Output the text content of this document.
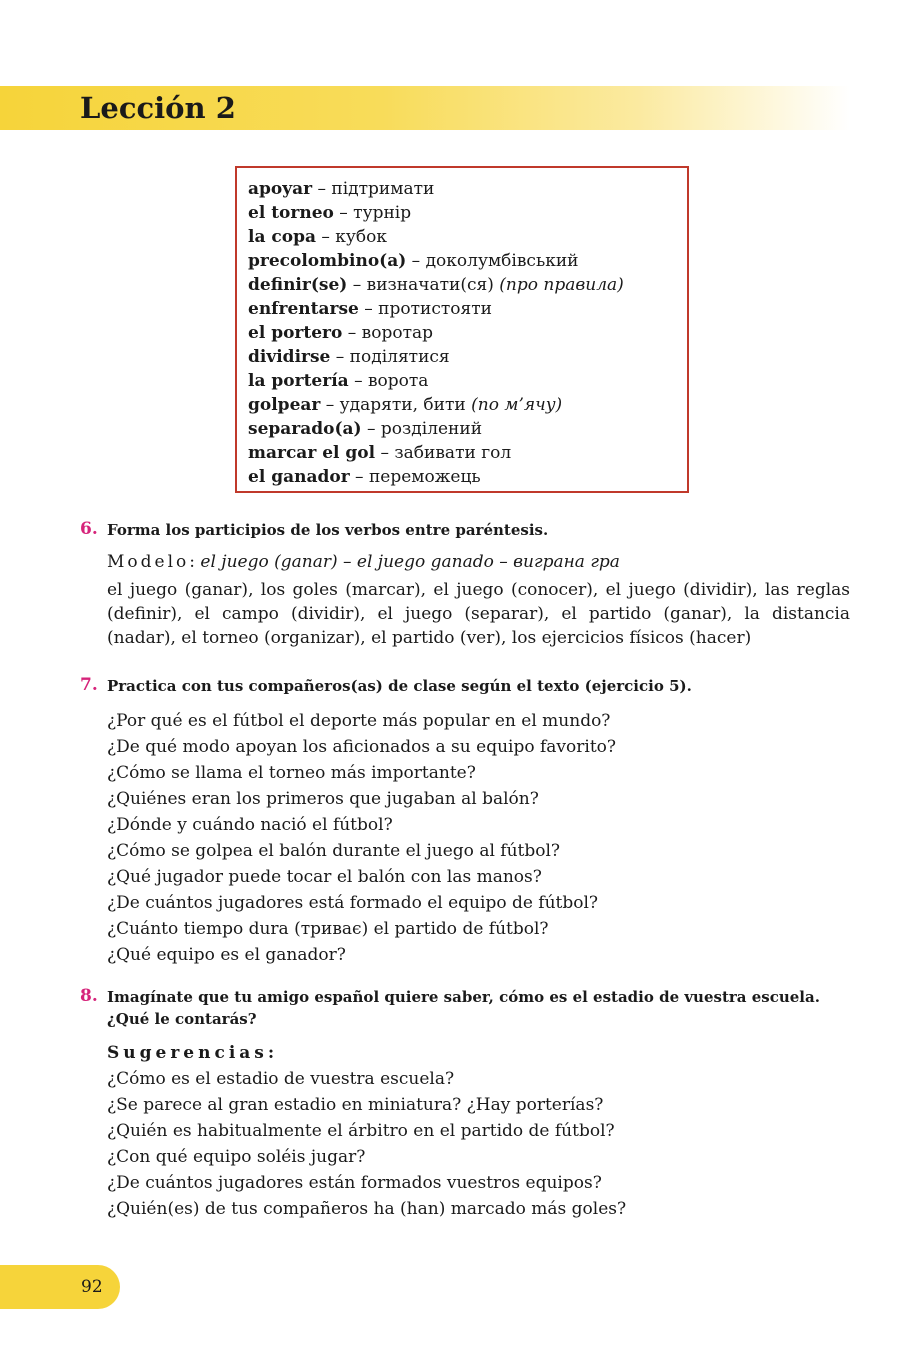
Lección 2
apoyar – підтримати
el torneo – турнір
la copa – кубок
precolombino(a) – доколумбівський
definir(se) – визначати(ся) (про правила)
enfrentarse – протистояти
el portero – воротар
dividirse – поділятися
la portería – ворота
golpear – ударяти, бити (по м’ячу)
separado(a) – розділений
marcar el gol – забивати гол
el ganador – переможець
6. Forma los participios de los verbos entre paréntesis.
Modelo: el juego (ganar) – el juego ganado – виграна гра
el juego (ganar), los goles (marcar), el juego (conocer), el juego (dividir), las reglas (definir), el campo (dividir), el juego (separar), el partido (ganar), la distancia (nadar), el torneo (organizar), el partido (ver), los ejercicios físicos (hacer)
7. Practica con tus compañeros(as) de clase según el texto (ejercicio 5).
¿Por qué es el fútbol el deporte más popular en el mundo?
¿De qué modo apoyan los aficionados a su equipo favorito?
¿Cómo se llama el torneo más importante?
¿Quiénes eran los primeros que jugaban al balón?
¿Dónde y cuándo nació el fútbol?
¿Cómo se golpea el balón durante el juego al fútbol?
¿Qué jugador puede tocar el balón con las manos?
¿De cuántos jugadores está formado el equipo de fútbol?
¿Cuánto tiempo dura (триває) el partido de fútbol?
¿Qué equipo es el ganador?
8. Imagínate que tu amigo español quiere saber, cómo es el estadio de vuestra escuela. ¿Qué le contarás?
Sugerencias:
¿Cómo es el estadio de vuestra escuela?
¿Se parece al gran estadio en miniatura? ¿Hay porterías?
¿Quién es habitualmente el árbitro en el partido de fútbol?
¿Con qué equipo soléis jugar?
¿De cuántos jugadores están formados vuestros equipos?
¿Quién(es) de tus compañeros ha (han) marcado más goles?
92
